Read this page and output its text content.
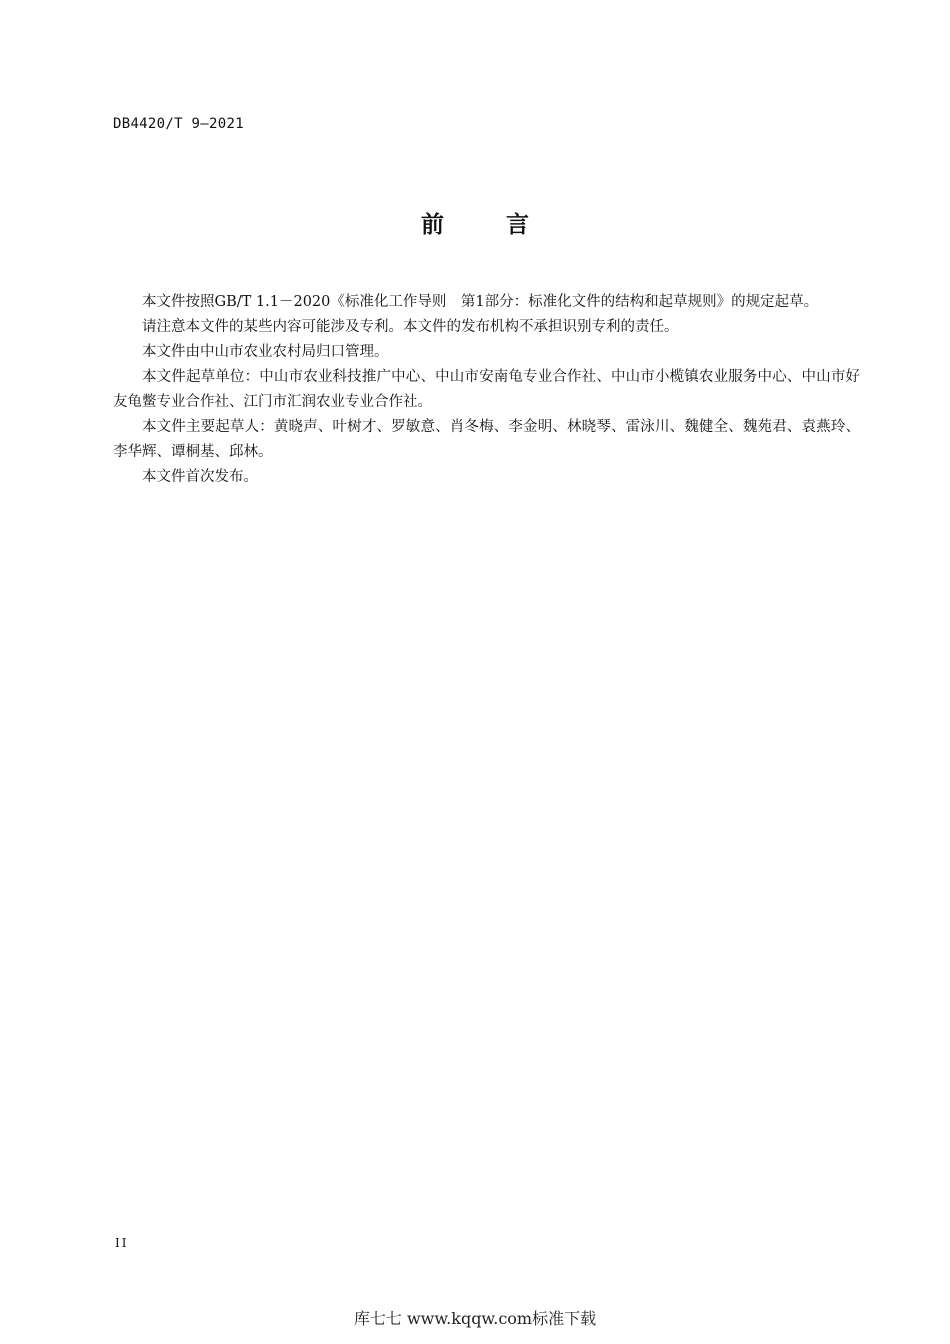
DB4420/T 9—2021
前言

本文件按照GB/T 1.1－2020《标准化工作导则　第1部分：标准化文件的结构和起草规则》的规定起草。

请注意本文件的某些内容可能涉及专利。本文件的发布机构不承担识别专利的责任。

本文件由中山市农业农村局归口管理。

本文件起草单位：中山市农业科技推广中心、中山市安南龟专业合作社、中山市小榄镇农业服务中心、中山市好友龟鳖专业合作社、江门市汇润农业专业合作社。

本文件主要起草人：黄晓声、叶树才、罗敏意、肖冬梅、李金明、林晓琴、雷泳川、魏健全、魏苑君、袁燕玲、李华辉、谭桐基、邱林。

本文件首次发布。

II
库七七 www.kqqw.com标准下载
